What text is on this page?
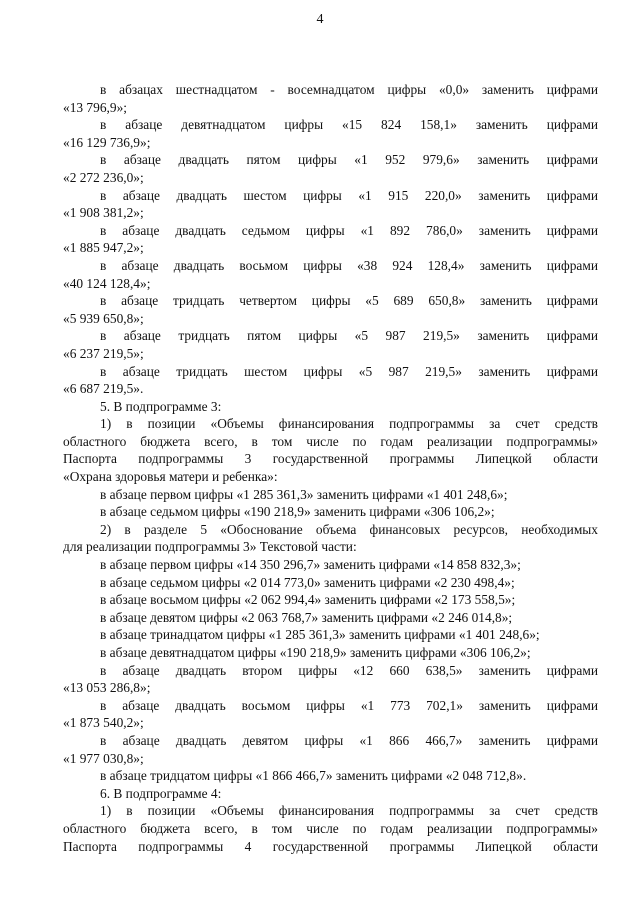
4
в абзацах шестнадцатом - восемнадцатом цифры «0,0» заменить цифрами
«13 796,9»;
в абзаце девятнадцатом цифры «15 824 158,1» заменить цифрами
«16 129 736,9»;
в абзаце двадцать пятом цифры «1 952 979,6» заменить цифрами
«2 272 236,0»;
в абзаце двадцать шестом цифры «1 915 220,0» заменить цифрами
«1 908 381,2»;
в абзаце двадцать седьмом цифры «1 892 786,0» заменить цифрами
«1 885 947,2»;
в абзаце двадцать восьмом цифры «38 924 128,4» заменить цифрами
«40 124 128,4»;
в абзаце тридцать четвертом цифры «5 689 650,8» заменить цифрами
«5 939 650,8»;
в абзаце тридцать пятом цифры «5 987 219,5» заменить цифрами
«6 237 219,5»;
в абзаце тридцать шестом цифры «5 987 219,5» заменить цифрами
«6 687 219,5».
5. В подпрограмме 3:
1) в позиции «Объемы финансирования подпрограммы за счет средств
областного бюджета всего, в том числе по годам реализации подпрограммы»
Паспорта подпрограммы 3 государственной программы Липецкой области
«Охрана здоровья матери и ребенка»:
в абзаце первом цифры «1 285 361,3» заменить цифрами «1 401 248,6»;
в абзаце седьмом цифры «190 218,9» заменить цифрами «306 106,2»;
2) в разделе 5 «Обоснование объема финансовых ресурсов, необходимых
для реализации подпрограммы 3» Текстовой части:
в абзаце первом цифры «14 350 296,7» заменить цифрами «14 858 832,3»;
в абзаце седьмом цифры «2 014 773,0» заменить цифрами «2 230 498,4»;
в абзаце восьмом цифры «2 062 994,4» заменить цифрами «2 173 558,5»;
в абзаце девятом цифры «2 063 768,7» заменить цифрами «2 246 014,8»;
в абзаце тринадцатом цифры «1 285 361,3» заменить цифрами «1 401 248,6»;
в абзаце девятнадцатом цифры «190 218,9» заменить цифрами «306 106,2»;
в абзаце двадцать втором цифры «12 660 638,5» заменить цифрами
«13 053 286,8»;
в абзаце двадцать восьмом цифры «1 773 702,1» заменить цифрами
«1 873 540,2»;
в абзаце двадцать девятом цифры «1 866 466,7» заменить цифрами
«1 977 030,8»;
в абзаце тридцатом цифры «1 866 466,7» заменить цифрами «2 048 712,8».
6. В подпрограмме 4:
1) в позиции «Объемы финансирования подпрограммы за счет средств
областного бюджета всего, в том числе по годам реализации подпрограммы»
Паспорта подпрограммы 4 государственной программы Липецкой области
